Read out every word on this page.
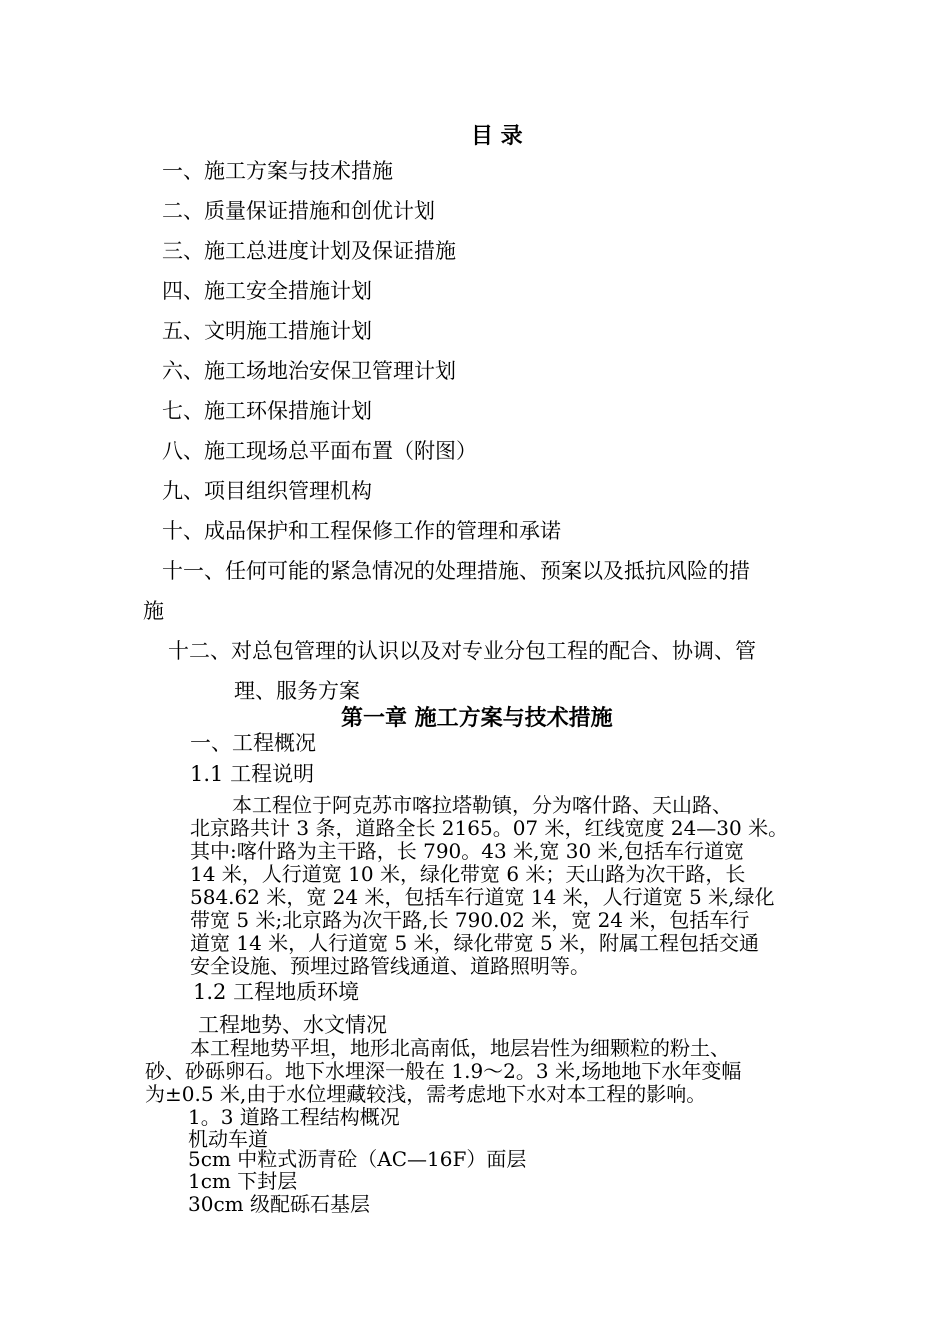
目 录
一、施工方案与技术措施
二、质量保证措施和创优计划
三、施工总进度计划及保证措施
四、施工安全措施计划
五、文明施工措施计划
六、施工场地治安保卫管理计划
七、施工环保措施计划
八、施工现场总平面布置（附图）
九、项目组织管理机构
十、成品保护和工程保修工作的管理和承诺
十一、任何可能的紧急情况的处理措施、预案以及抵抗风险的措
施
十二、对总包管理的认识以及对专业分包工程的配合、协调、管
理、服务方案
第一章 施工方案与技术措施
一、工程概况
1.1 工程说明
本工程位于阿克苏市喀拉塔勒镇，分为喀什路、天山路、
北京路共计 3 条，道路全长 2165。07 米，红线宽度 24—30 米。
其中:喀什路为主干路，长 790。43 米,宽 30 米,包括车行道宽
14 米，人行道宽 10 米，绿化带宽 6 米；天山路为次干路，长
584.62 米，宽 24 米，包括车行道宽 14 米，人行道宽 5 米,绿化
带宽 5 米;北京路为次干路,长 790.02 米，宽 24 米，包括车行
道宽 14 米，人行道宽 5 米，绿化带宽 5 米，附属工程包括交通
安全设施、预埋过路管线通道、道路照明等。
1.2 工程地质环境
工程地势、水文情况
本工程地势平坦，地形北高南低，地层岩性为细颗粒的粉土、
砂、砂砾卵石。地下水埋深一般在 1.9～2。3 米,场地地下水年变幅
为±0.5 米,由于水位埋藏较浅，需考虑地下水对本工程的影响。
1。3 道路工程结构概况
机动车道
5cm 中粒式沥青砼（AC—16F）面层
1cm 下封层
30cm 级配砾石基层
